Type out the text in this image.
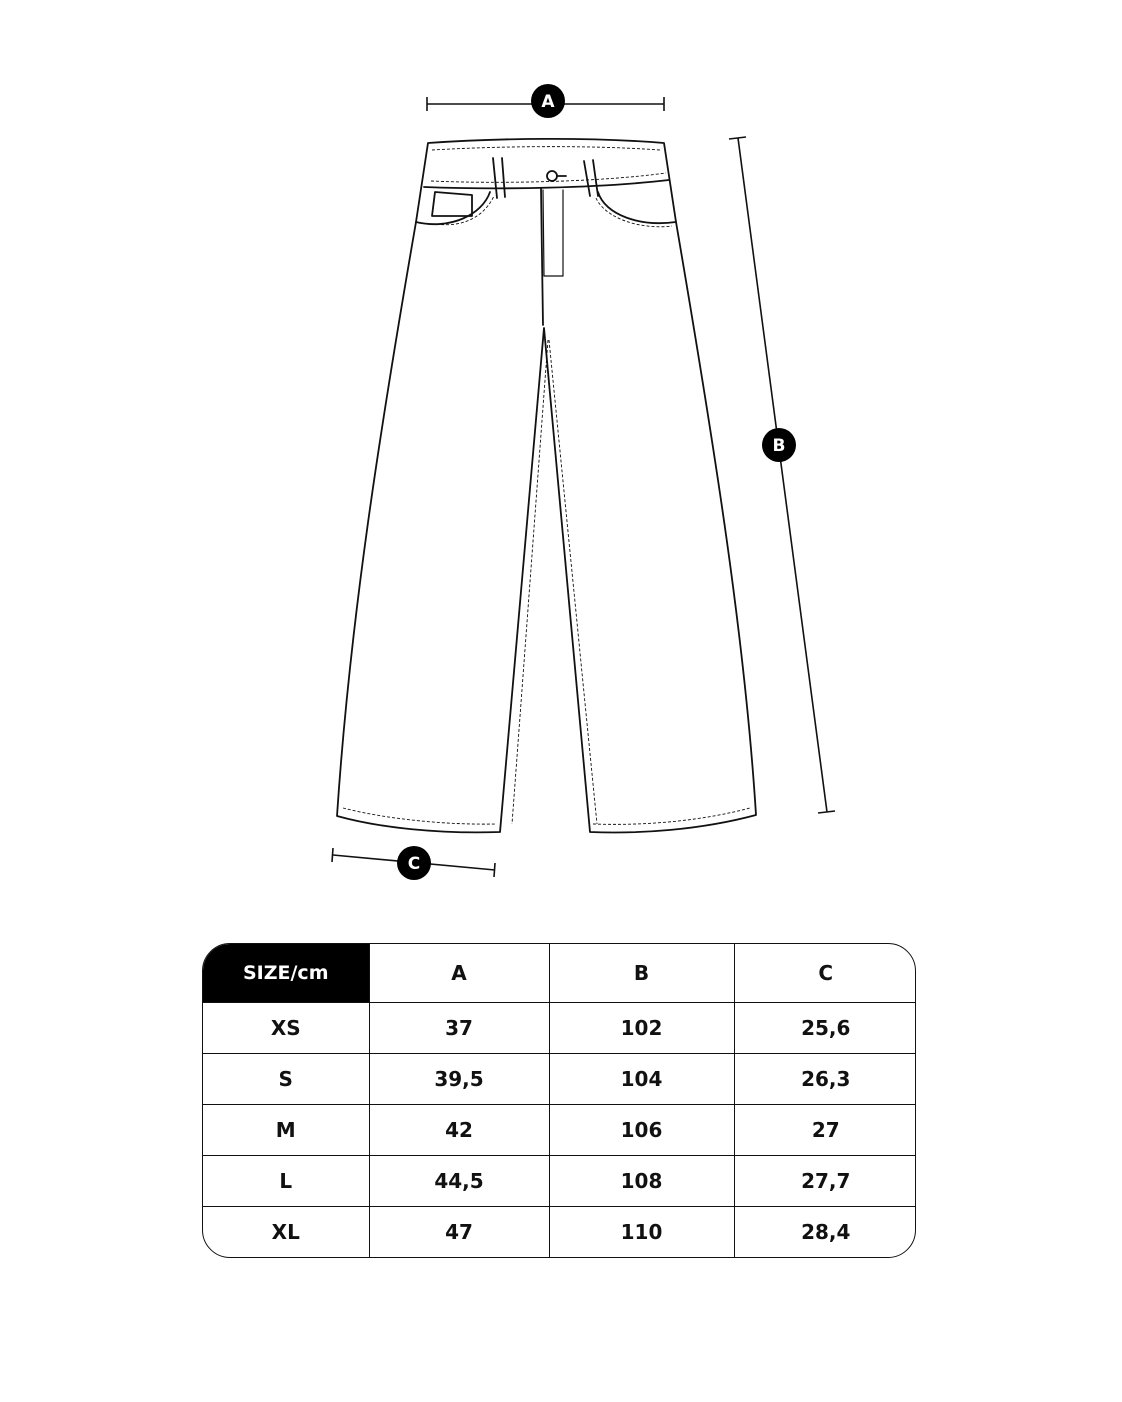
A
B
C
SIZE/cm	A	B	C
XS	37	102	25,6
S	39,5	104	26,3
M	42	106	27
L	44,5	108	27,7
XL	47	110	28,4
